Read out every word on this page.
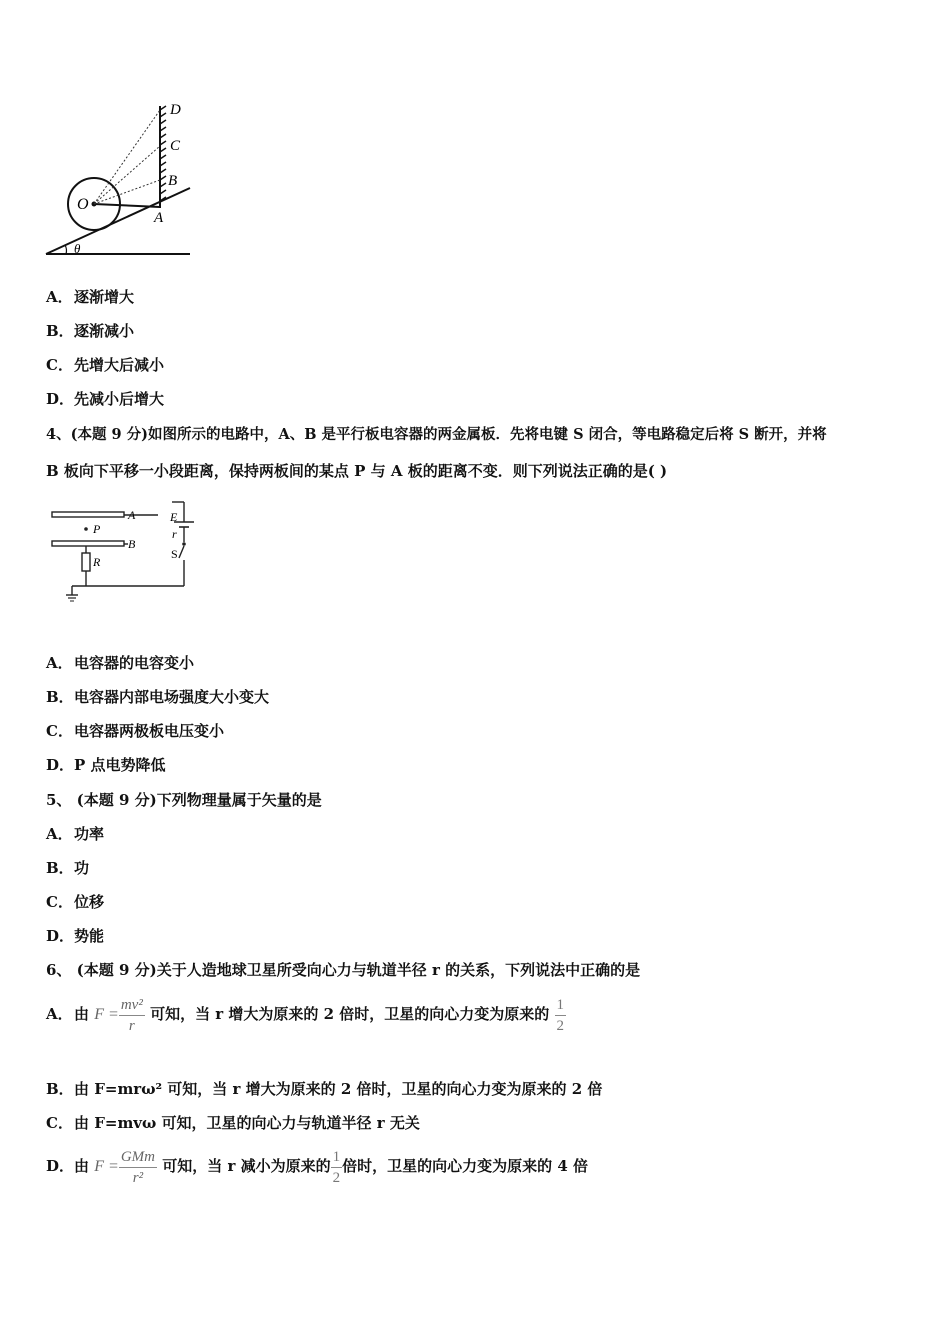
D
C
B
O
A
θ
A．逐渐增大
B．逐渐减小
C．先增大后减小
D．先减小后增大
4、(本题 9 分)如图所示的电路中，A、B 是平行板电容器的两金属板．先将电键 S 闭合，等电路稳定后将 S 断开，并将
B 板向下平移一小段距离，保持两板间的某点 P 与 A 板的距离不变．则下列说法正确的是( )
A
P
B
R
E
r
S
A．电容器的电容变小
B．电容器内部电场强度大小变大
C．电容器两极板电压变小
D．P 点电势降低
5、 (本题 9 分)下列物理量属于矢量的是
A．功率
B．功
C．位移
D．势能
6、 (本题 9 分)关于人造地球卫星所受向心力与轨道半径 r 的关系，下列说法中正确的是
A．由 $F = \frac{\text{mv²}}{r}$ 可知，当 r 增大为原来的 2 倍时，卫星的向心力变为原来的 $\frac{1}{2}$
B．由 F=mrω² 可知，当 r 增大为原来的 2 倍时，卫星的向心力变为原来的 2 倍
C．由 F=mvω 可知，卫星的向心力与轨道半径 r 无关
D．由 $F = \frac{\text{GMm}}{\text{r²}}$ 可知，当 r 减小为原来的 $\frac{1}{2}$ 倍时，卫星的向心力变为原来的 4 倍
